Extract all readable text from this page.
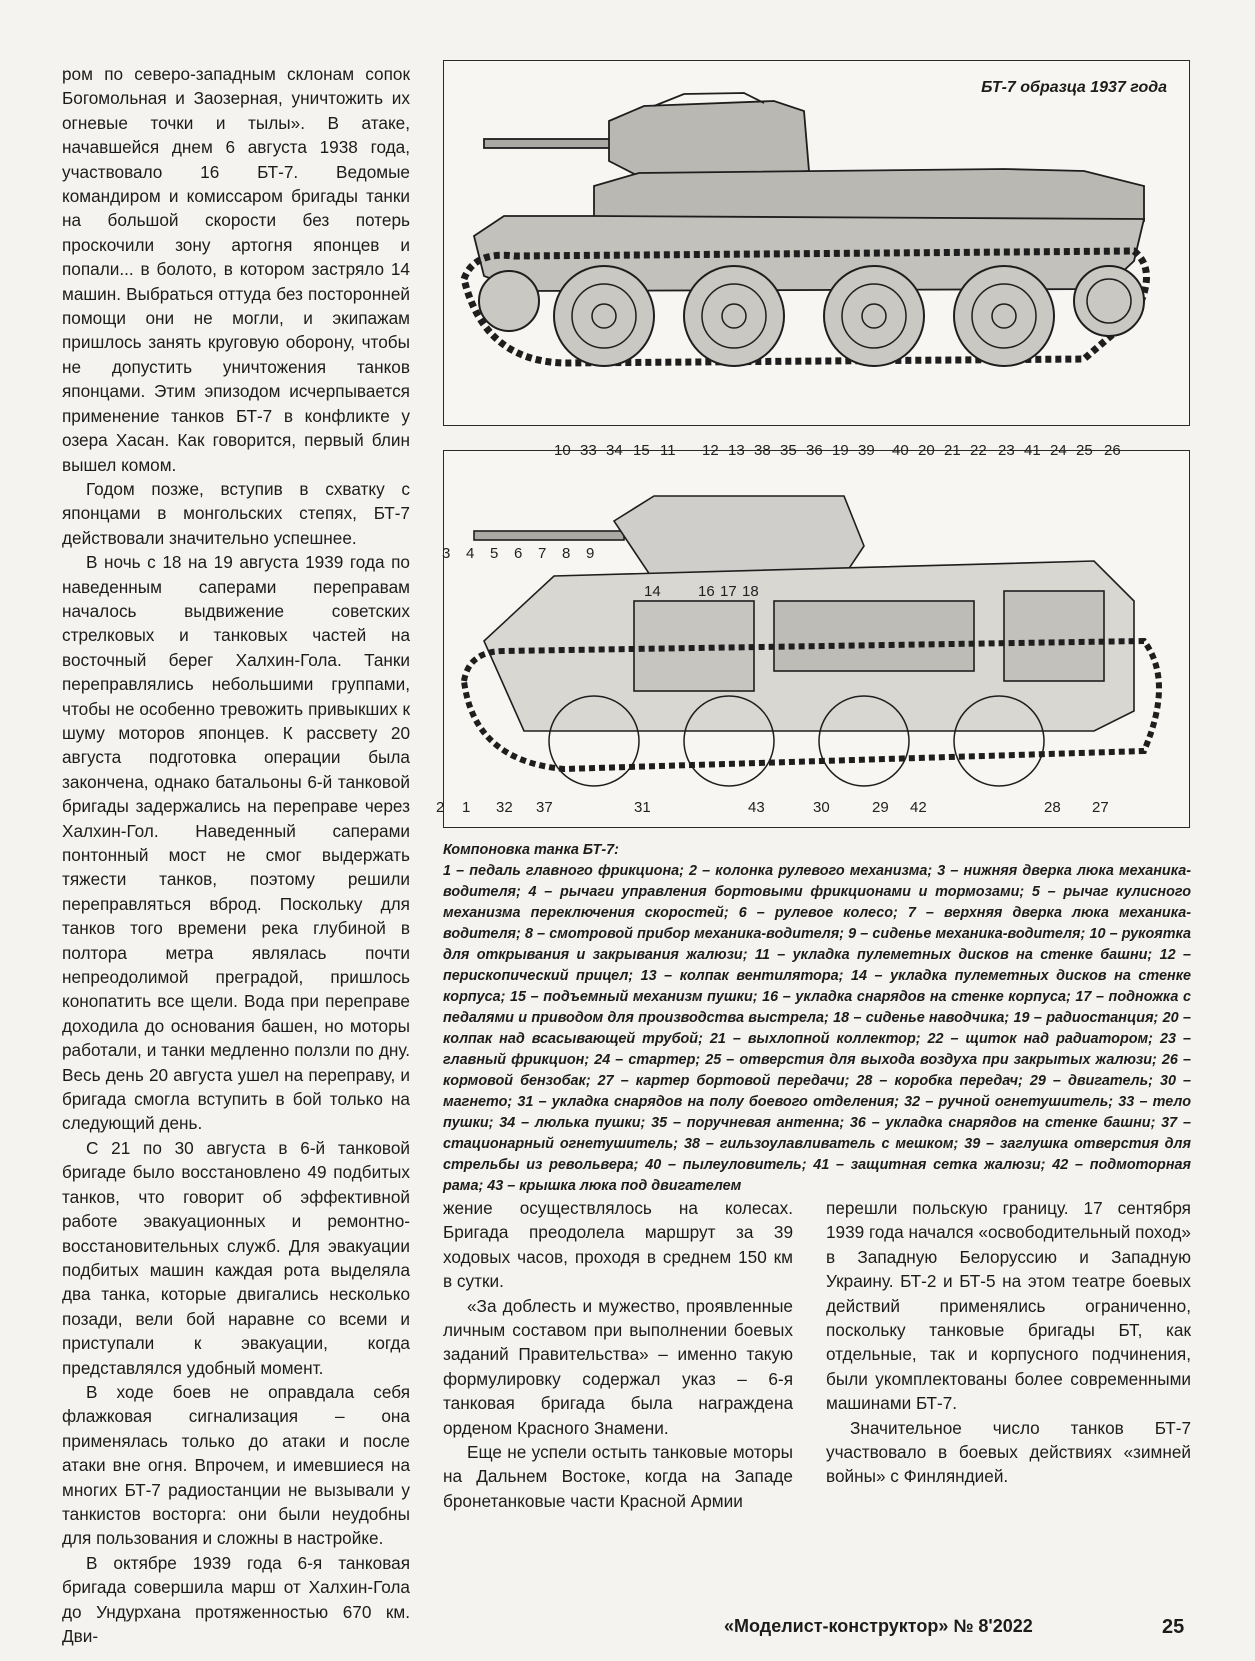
ром по северо-западным склонам сопок Богомольная и Заозерная, уничтожить их огневые точки и тылы». В атаке, начавшейся днем 6 августа 1938 года, участвовало 16 БТ-7. Ведомые командиром и комиссаром бригады танки на большой скорости без потерь проскочили зону артогня японцев и попали... в болото, в котором застряло 14 машин. Выбраться оттуда без посторонней помощи они не могли, и экипажам пришлось занять круговую оборону, чтобы не допустить уничтожения танков японцами. Этим эпизодом исчерпывается применение танков БТ-7 в конфликте у озера Хасан. Как говорится, первый блин вышел комом.

Годом позже, вступив в схватку с японцами в монгольских степях, БТ-7 действовали значительно успешнее.

В ночь с 18 на 19 августа 1939 года по наведенным саперами переправам началось выдвижение советских стрелковых и танковых частей на восточный берег Халхин-Гола. Танки переправлялись небольшими группами, чтобы не особенно тревожить привыкших к шуму моторов японцев. К рассвету 20 августа подготовка операции была закончена, однако батальоны 6-й танковой бригады задержались на переправе через Халхин-Гол. Наведенный саперами понтонный мост не смог выдержать тяжести танков, поэтому решили переправляться вброд. Поскольку для танков того времени река глубиной в полтора метра являлась почти непреодолимой преградой, пришлось конопатить все щели. Вода при переправе доходила до основания башен, но моторы работали, и танки медленно ползли по дну. Весь день 20 августа ушел на переправу, и бригада смогла вступить в бой только на следующий день.

С 21 по 30 августа в 6-й танковой бригаде было восстановлено 49 подбитых танков, что говорит об эффективной работе эвакуационных и ремонтно-восстановительных служб. Для эвакуации подбитых машин каждая рота выделяла два танка, которые двигались несколько позади, вели бой наравне со всеми и приступали к эвакуации, когда представлялся удобный момент.

В ходе боев не оправдала себя флажковая сигнализация – она применялась только до атаки и после атаки вне огня. Впрочем, и имевшиеся на многих БТ-7 радиостанции не вызывали у танкистов восторга: они были неудобны для пользования и сложны в настройке.

В октябре 1939 года 6-я танковая бригада совершила марш от Халхин-Гола до Ундурхана протяженностью 670 км. Дви-

БТ-7 образца 1937 года
10 33 34 15 11 12 13 38 35 36 19 39 40 20 21 22 23 41 24 25 26
3 4 5 6 7 8 9
14 16 17 18
2 1 32 37	31	43	30	29 42	28 27
Компоновка танка БТ-7:
1 – педаль главного фрикциона; 2 – колонка рулевого механизма; 3 – нижняя дверка люка механика-водителя; 4 – рычаги управления бортовыми фрикционами и тормозами; 5 – рычаг кулисного механизма переключения скоростей; 6 – рулевое колесо; 7 – верхняя дверка люка механика-водителя; 8 – смотровой прибор механика-водителя; 9 – сиденье механика-водителя; 10 – рукоятка для открывания и закрывания жалюзи; 11 – укладка пулеметных дисков на стенке башни; 12 – перископический прицел; 13 – колпак вентилятора; 14 – укладка пулеметных дисков на стенке корпуса; 15 – подъемный механизм пушки; 16 – укладка снарядов на стенке корпуса; 17 – подножка с педалями и приводом для производства выстрела; 18 – сиденье наводчика; 19 – радиостанция; 20 – колпак над всасывающей трубой; 21 – выхлопной коллектор; 22 – щиток над радиатором; 23 – главный фрикцион; 24 – стартер; 25 – отверстия для выхода воздуха при закрытых жалюзи; 26 – кормовой бензобак; 27 – картер бортовой передачи; 28 – коробка передач; 29 – двигатель; 30 – магнето; 31 – укладка снарядов на полу боевого отделения; 32 – ручной огнетушитель; 33 – тело пушки; 34 – люлька пушки; 35 – поручневая антенна; 36 – укладка снарядов на стенке башни; 37 – стационарный огнетушитель; 38 – гильзоулавливатель с мешком; 39 – заглушка отверстия для стрельбы из револьвера; 40 – пылеуловитель; 41 – защитная сетка жалюзи; 42 – подмоторная рама; 43 – крышка люка под двигателем

жение осуществлялось на колесах. Бригада преодолела маршрут за 39 ходовых часов, проходя в среднем 150 км в сутки.

«За доблесть и мужество, проявленные личным составом при выполнении боевых заданий Правительства» – именно такую формулировку содержал указ – 6-я танковая бригада была награждена орденом Красного Знамени.

Еще не успели остыть танковые моторы на Дальнем Востоке, когда на Западе бронетанковые части Красной Армии

перешли польскую границу. 17 сентября 1939 года начался «освободительный поход» в Западную Белоруссию и Западную Украину. БТ-2 и БТ-5 на этом театре боевых действий применялись ограниченно, поскольку танковые бригады БТ, как отдельные, так и корпусного подчинения, были укомплектованы более современными машинами БТ-7.

Значительное число танков БТ-7 участвовало в боевых действиях «зимней войны» с Финляндией.

«Моделист-конструктор» № 8'2022	25
